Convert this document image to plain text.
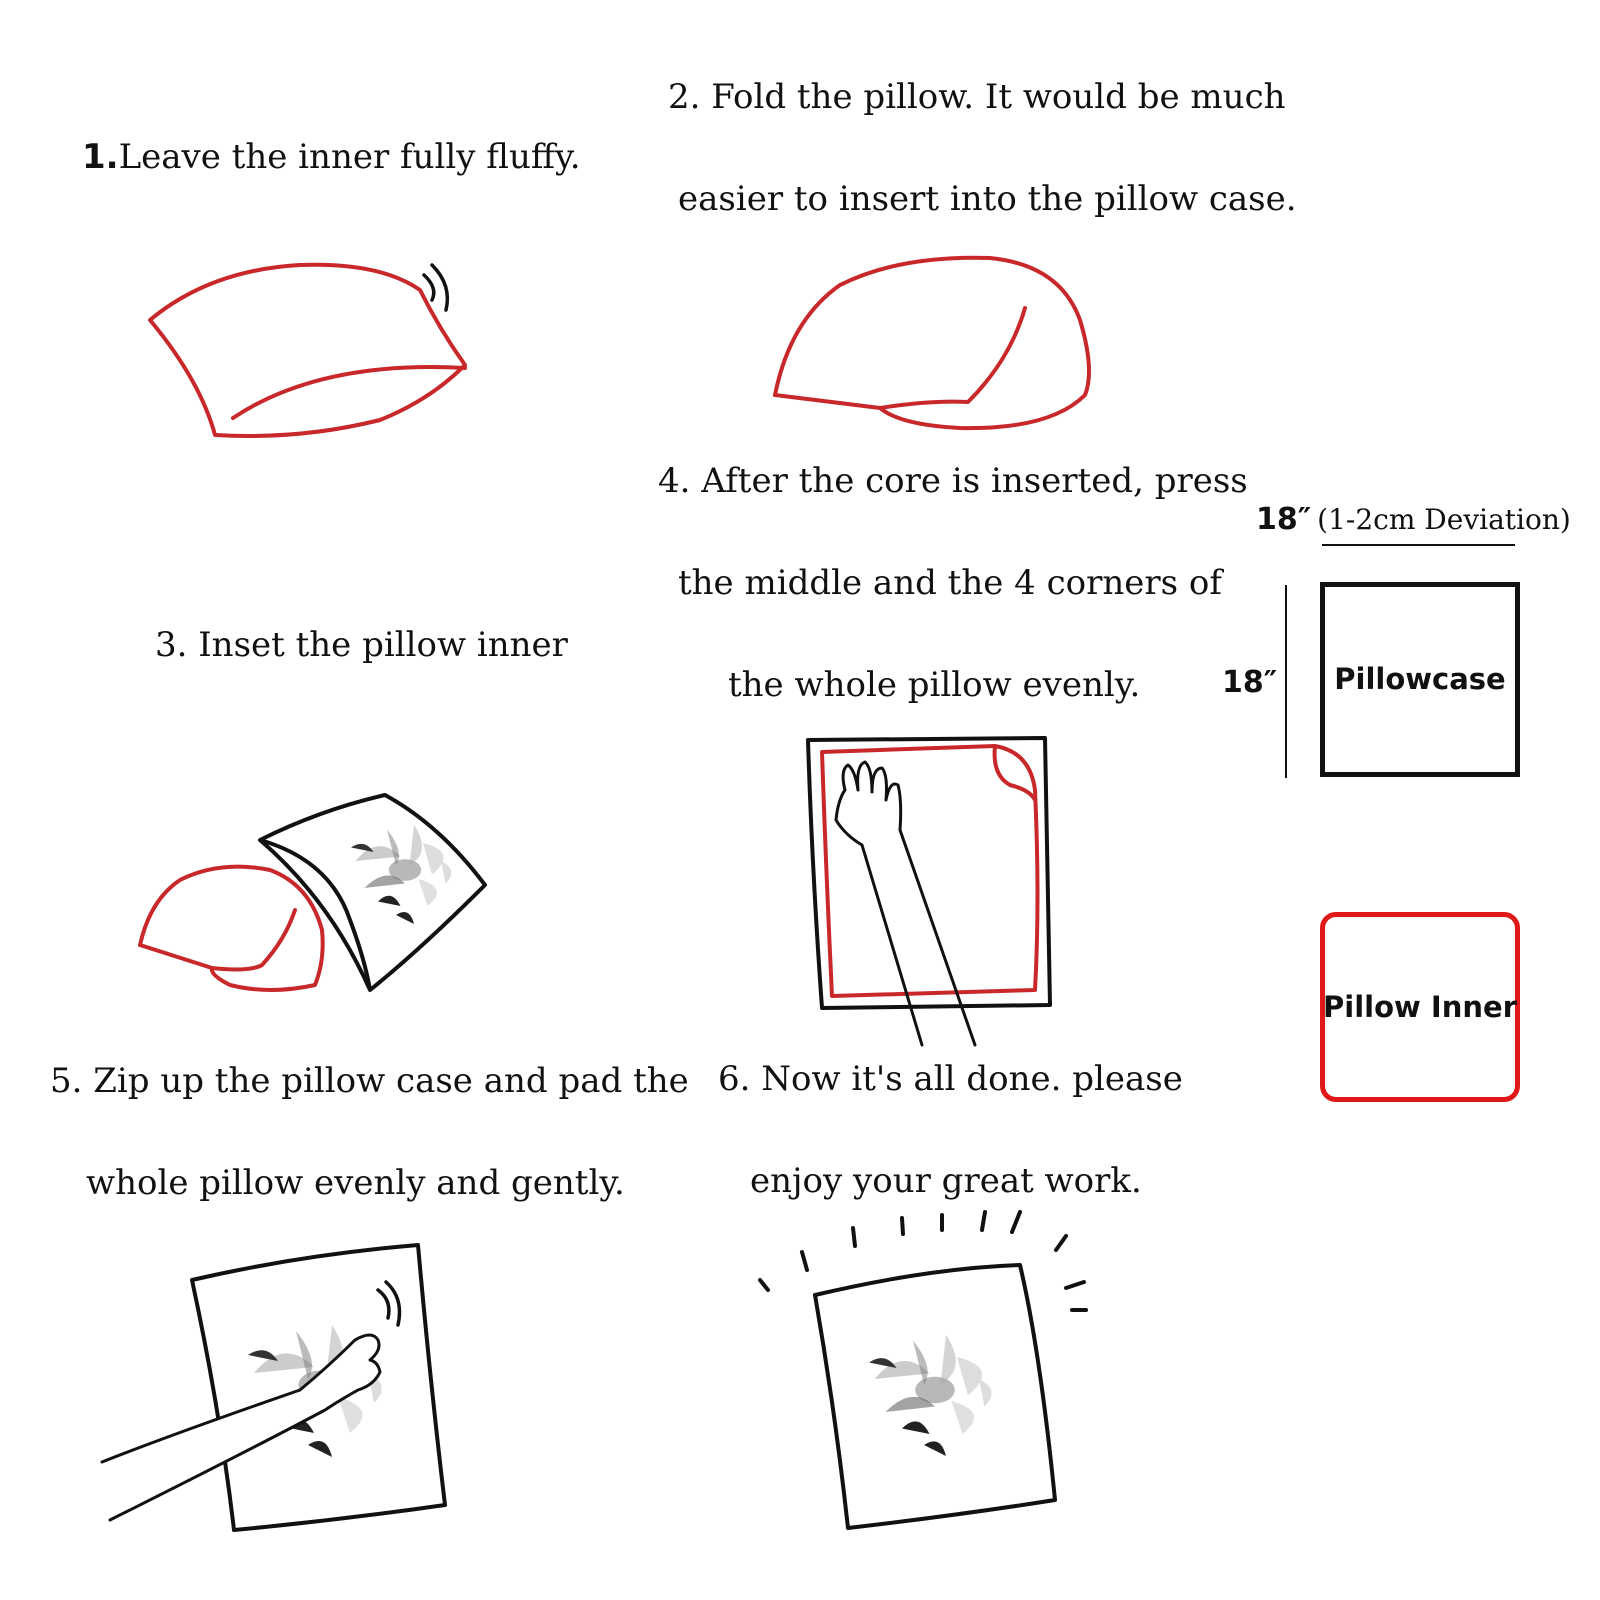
1.Leave the inner fully fluffy.
2. Fold the pillow. It would be much
easier to insert into the pillow case.
3. Inset the pillow inner
4. After the core is inserted, press
the middle and the 4 corners of
the whole pillow evenly.
5. Zip up the pillow case and pad the
whole pillow evenly and gently.
6. Now it's all done. please
enjoy your great work.
18″ (1-2cm Deviation)
18″ Pillowcase
Pillow Inner
